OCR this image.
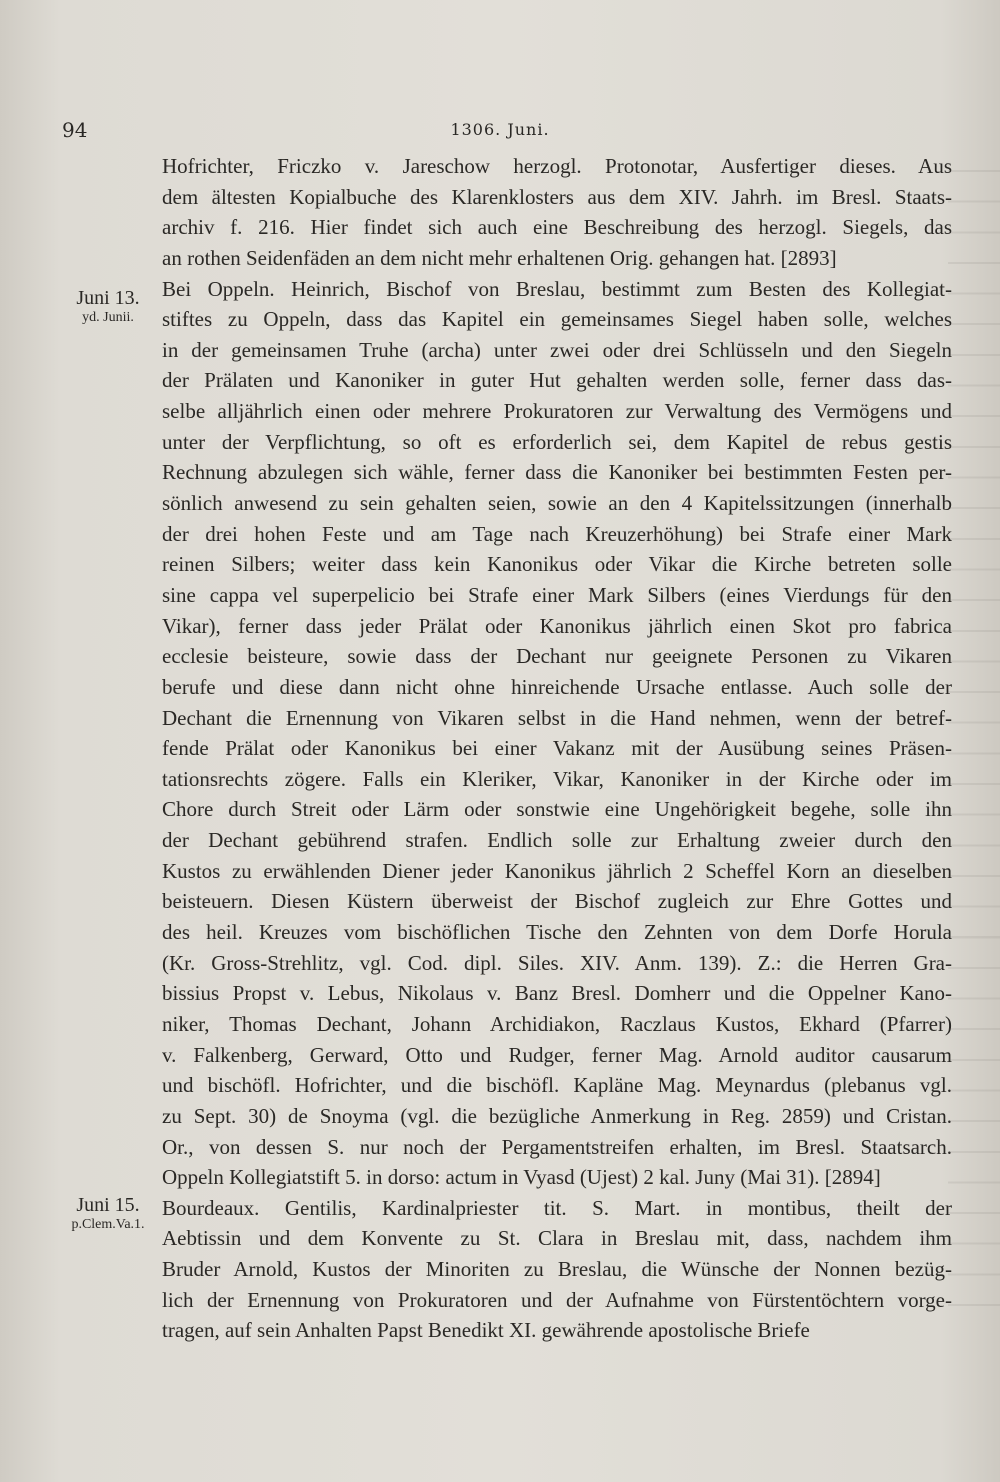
94	1306. Juni.
Juni 13.
yd. Junii.
Juni 15.
p.Clem.Va.1.
Hofrichter, Friczko v. Jareschow herzogl. Protonotar, Ausfertiger dieses. Aus
dem ältesten Kopialbuche des Klarenklosters aus dem XIV. Jahrh. im Bresl. Staats-
archiv f. 216. Hier findet sich auch eine Beschreibung des herzogl. Siegels, das
an rothen Seidenfäden an dem nicht mehr erhaltenen Orig. gehangen hat. [2893]
Bei Oppeln. Heinrich, Bischof von Breslau, bestimmt zum Besten des Kollegiat-
stiftes zu Oppeln, dass das Kapitel ein gemeinsames Siegel haben solle, welches
in der gemeinsamen Truhe (archa) unter zwei oder drei Schlüsseln und den Siegeln
der Prälaten und Kanoniker in guter Hut gehalten werden solle, ferner dass das-
selbe alljährlich einen oder mehrere Prokuratoren zur Verwaltung des Vermögens und
unter der Verpflichtung, so oft es erforderlich sei, dem Kapitel de rebus gestis
Rechnung abzulegen sich wähle, ferner dass die Kanoniker bei bestimmten Festen per-
sönlich anwesend zu sein gehalten seien, sowie an den 4 Kapitelssitzungen (innerhalb
der drei hohen Feste und am Tage nach Kreuzerhöhung) bei Strafe einer Mark
reinen Silbers; weiter dass kein Kanonikus oder Vikar die Kirche betreten solle
sine cappa vel superpelicio bei Strafe einer Mark Silbers (eines Vierdungs für den
Vikar), ferner dass jeder Prälat oder Kanonikus jährlich einen Skot pro fabrica
ecclesie beisteure, sowie dass der Dechant nur geeignete Personen zu Vikaren
berufe und diese dann nicht ohne hinreichende Ursache entlasse. Auch solle der
Dechant die Ernennung von Vikaren selbst in die Hand nehmen, wenn der betref-
fende Prälat oder Kanonikus bei einer Vakanz mit der Ausübung seines Präsen-
tationsrechts zögere. Falls ein Kleriker, Vikar, Kanoniker in der Kirche oder im
Chore durch Streit oder Lärm oder sonstwie eine Ungehörigkeit begehe, solle ihn
der Dechant gebührend strafen. Endlich solle zur Erhaltung zweier durch den
Kustos zu erwählenden Diener jeder Kanonikus jährlich 2 Scheffel Korn an dieselben
beisteuern. Diesen Küstern überweist der Bischof zugleich zur Ehre Gottes und
des heil. Kreuzes vom bischöflichen Tische den Zehnten von dem Dorfe Horula
(Kr. Gross-Strehlitz, vgl. Cod. dipl. Siles. XIV. Anm. 139). Z.: die Herren Gra-
bissius Propst v. Lebus, Nikolaus v. Banz Bresl. Domherr und die Oppelner Kano-
niker, Thomas Dechant, Johann Archidiakon, Raczlaus Kustos, Ekhard (Pfarrer)
v. Falkenberg, Gerward, Otto und Rudger, ferner Mag. Arnold auditor causarum
und bischöfl. Hofrichter, und die bischöfl. Kapläne Mag. Meynardus (plebanus vgl.
zu Sept. 30) de Snoyma (vgl. die bezügliche Anmerkung in Reg. 2859) und Cristan.
Or., von dessen S. nur noch der Pergamentstreifen erhalten, im Bresl. Staatsarch.
Oppeln Kollegiatstift 5. in dorso: actum in Vyasd (Ujest) 2 kal. Juny (Mai 31). [2894]
Bourdeaux. Gentilis, Kardinalpriester tit. S. Mart. in montibus, theilt der
Aebtissin und dem Konvente zu St. Clara in Breslau mit, dass, nachdem ihm
Bruder Arnold, Kustos der Minoriten zu Breslau, die Wünsche der Nonnen bezüg-
lich der Ernennung von Prokuratoren und der Aufnahme von Fürstentöchtern vorge-
tragen, auf sein Anhalten Papst Benedikt XI. gewährende apostolische Briefe
